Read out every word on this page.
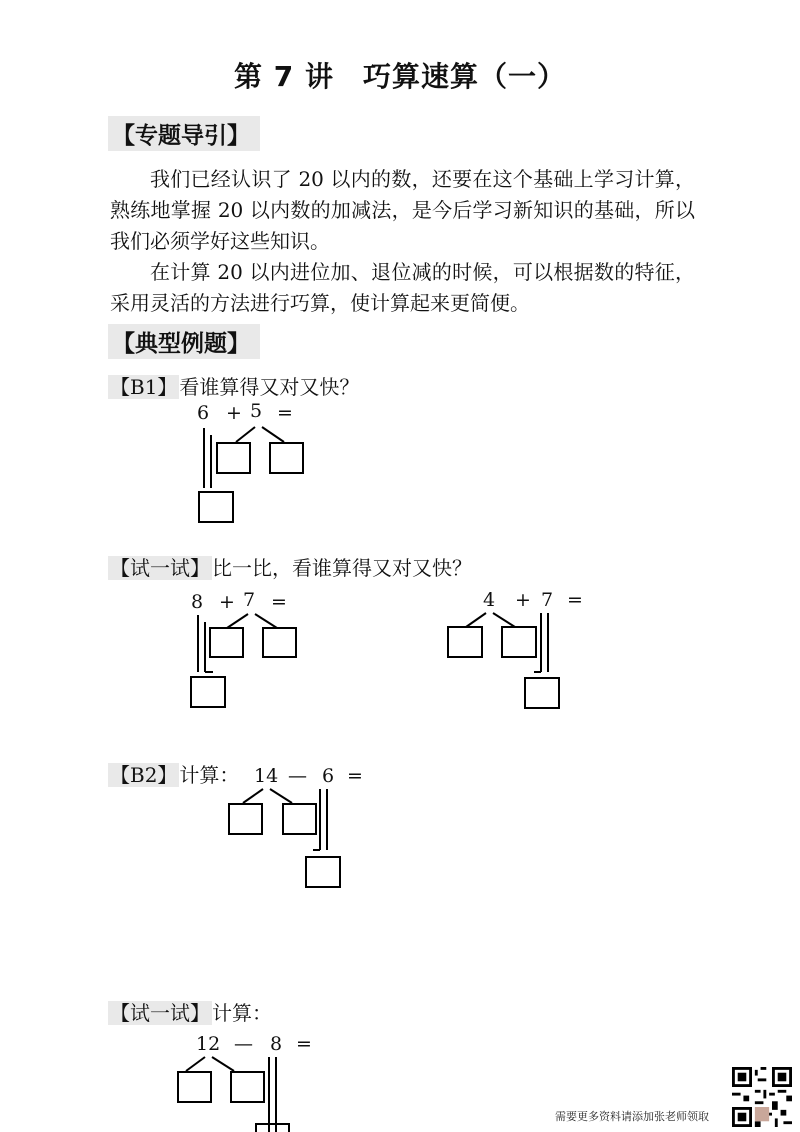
第 7 讲　巧算速算（一）
【专题导引】

我们已经认识了 20 以内的数，还要在这个基础上学习计算，熟练地掌握 20 以内数的加减法，是今后学习新知识的基础，所以我们必须学好这些知识。

在计算 20 以内进位加、退位减的时候，可以根据数的特征，采用灵活的方法进行巧算，使计算起来更简便。

【典型例题】
【B1】 看谁算得又对又快？
6 + 5 =
【试一试】 比一比，看谁算得又对又快？
8 + 7 =	4 + 7 =
【B2】 计算： 14 — 6 =
【试一试】 计算：
12 — 8 =
需要更多资料请添加张老师领取
